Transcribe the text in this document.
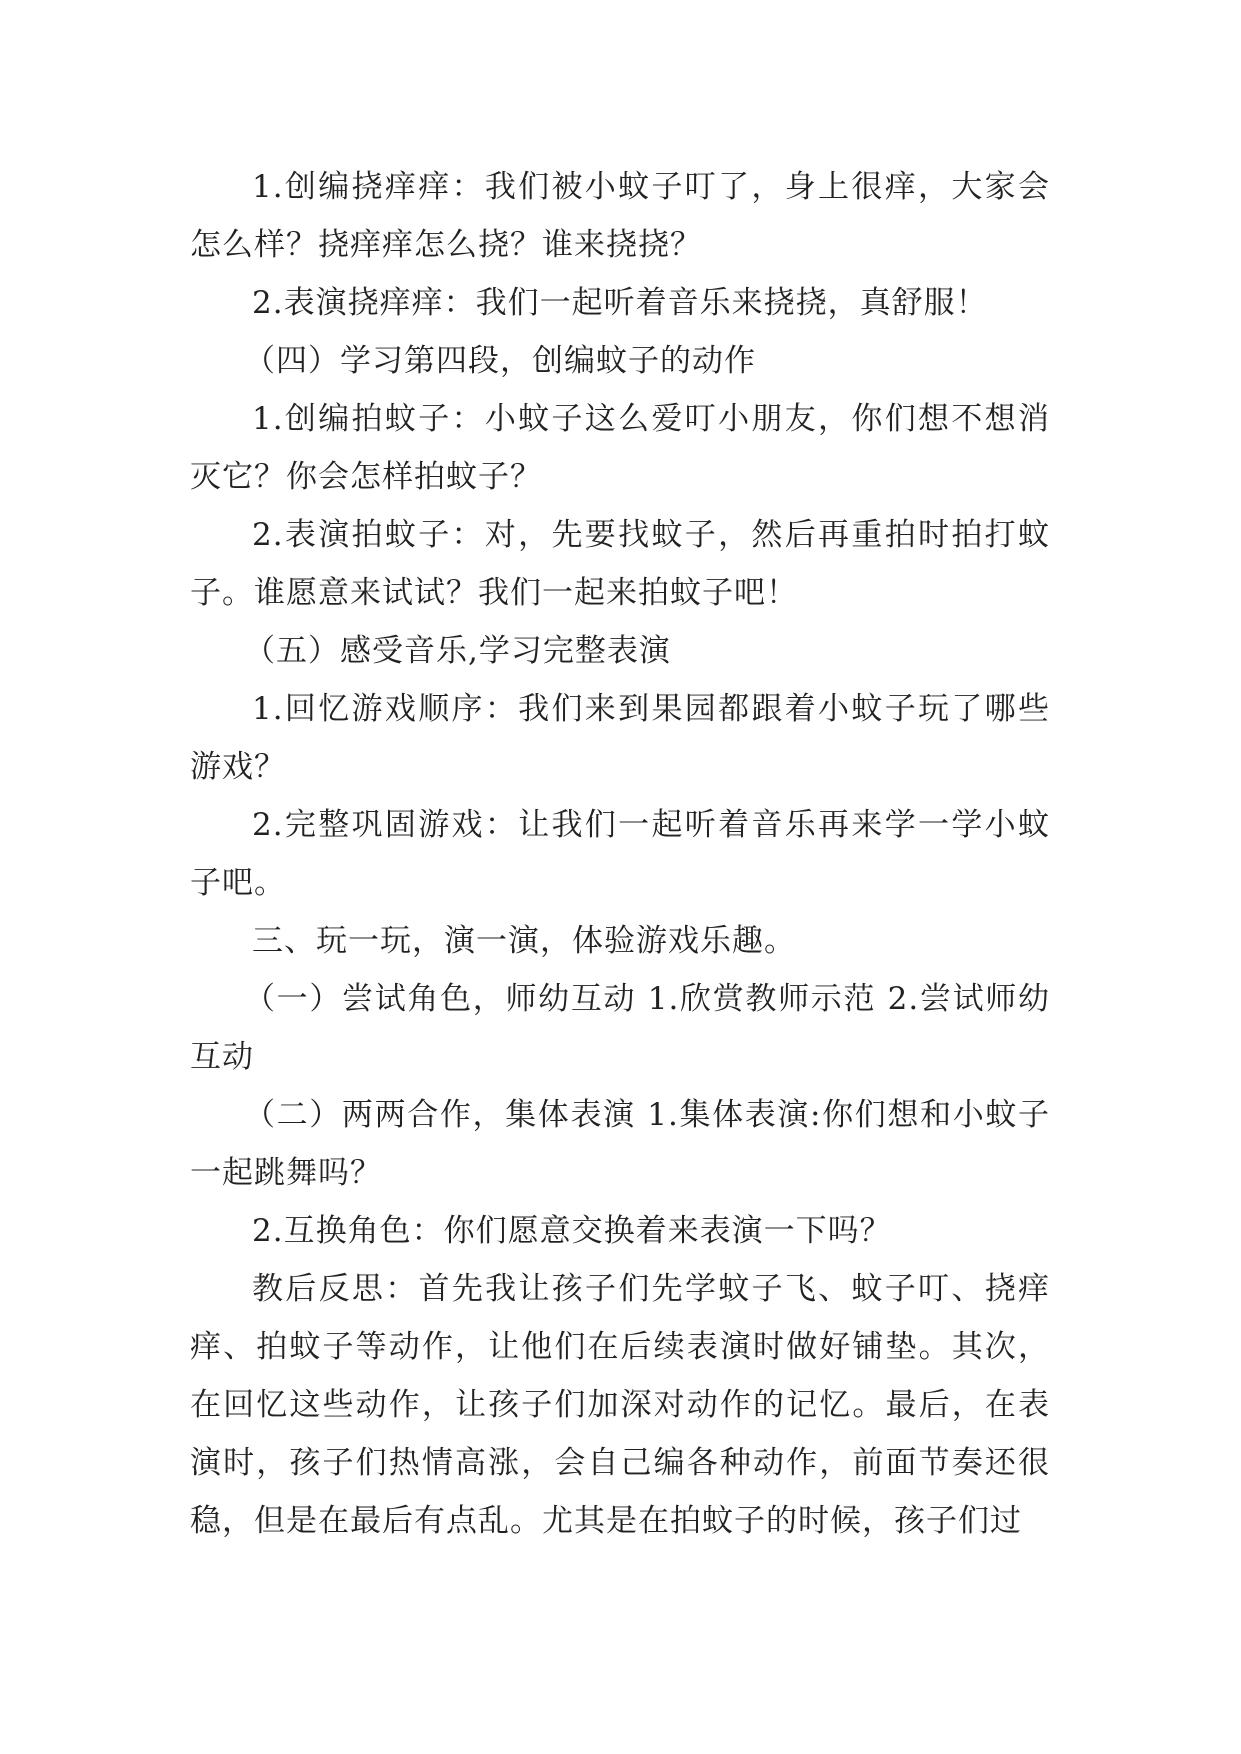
1.创编挠痒痒：我们被小蚊子叮了，身上很痒，大家会怎么样？挠痒痒怎么挠？谁来挠挠？

2.表演挠痒痒：我们一起听着音乐来挠挠，真舒服！

（四）学习第四段，创编蚊子的动作

1.创编拍蚊子：小蚊子这么爱叮小朋友，你们想不想消灭它？你会怎样拍蚊子？

2.表演拍蚊子：对，先要找蚊子，然后再重拍时拍打蚊子。谁愿意来试试？我们一起来拍蚊子吧！

（五）感受音乐,学习完整表演

1.回忆游戏顺序：我们来到果园都跟着小蚊子玩了哪些游戏？

2.完整巩固游戏：让我们一起听着音乐再来学一学小蚊子吧。

三、玩一玩，演一演，体验游戏乐趣。

（一）尝试角色，师幼互动 1.欣赏教师示范 2.尝试师幼互动

（二）两两合作，集体表演 1.集体表演:你们想和小蚊子一起跳舞吗？

2.互换角色：你们愿意交换着来表演一下吗？

教后反思：首先我让孩子们先学蚊子飞、蚊子叮、挠痒痒、拍蚊子等动作，让他们在后续表演时做好铺垫。其次，在回忆这些动作，让孩子们加深对动作的记忆。最后，在表演时，孩子们热情高涨，会自己编各种动作，前面节奏还很稳，但是在最后有点乱。尤其是在拍蚊子的时候，孩子们过
